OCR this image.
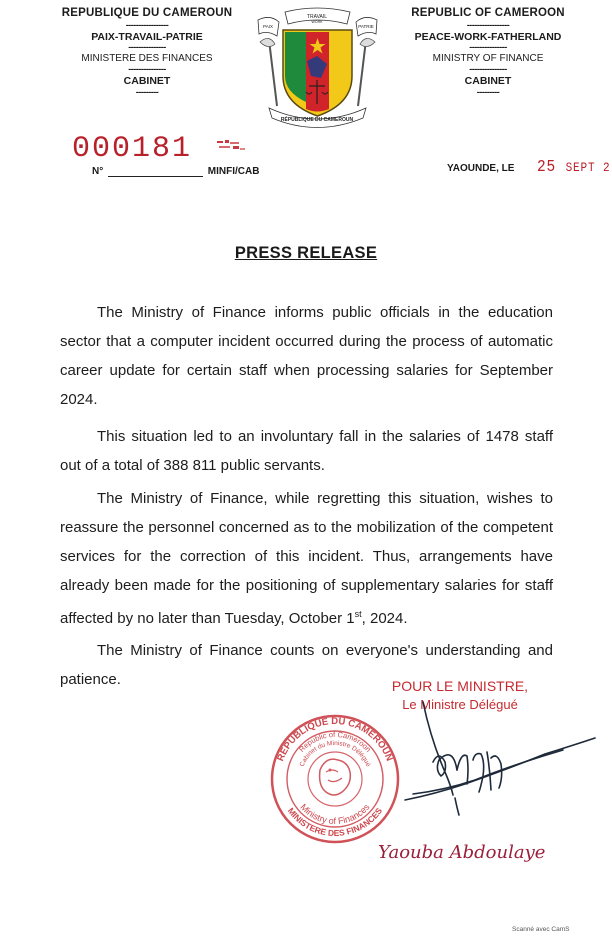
REPUBLIQUE DU CAMEROUN
-----------------
PAIX-TRAVAIL-PATRIE
---------------
MINISTERE DES FINANCES
---------------
CABINET
---------
REPUBLIC OF CAMEROON
-----------------
PEACE-WORK-FATHERLAND
---------------
MINISTRY OF FINANCE
---------------
CABINET
---------
TRAVAIL
WORK
PAIX	PATRIE
RÉPUBLIQUE DU CAMEROUN
000181
N°	MINFI/CAB	YAOUNDE, LE 25 SEPT 2
PRESS RELEASE
The Ministry of Finance informs public officials in the education sector that a computer incident occurred during the process of automatic career update for certain staff when processing salaries for September 2024.
This situation led to an involuntary fall in the salaries of 1478 staff out of a total of 388 811 public servants.
The Ministry of Finance, while regretting this situation, wishes to reassure the personnel concerned as to the mobilization of the competent services for the correction of this incident. Thus, arrangements have already been made for the positioning of supplementary salaries for staff affected by no later than Tuesday, October 1st, 2024.
The Ministry of Finance counts on everyone's understanding and patience.	POUR LE MINISTRE,
Le Ministre Délégué
REPUBLIQUE DU CAMEROUN
Republic of Cameroon
Cabinet du Ministre Délégué
Ministry of Finances
MINISTERE DES FINANCES
Yaouba Abdoulaye
Scanné avec CamS
